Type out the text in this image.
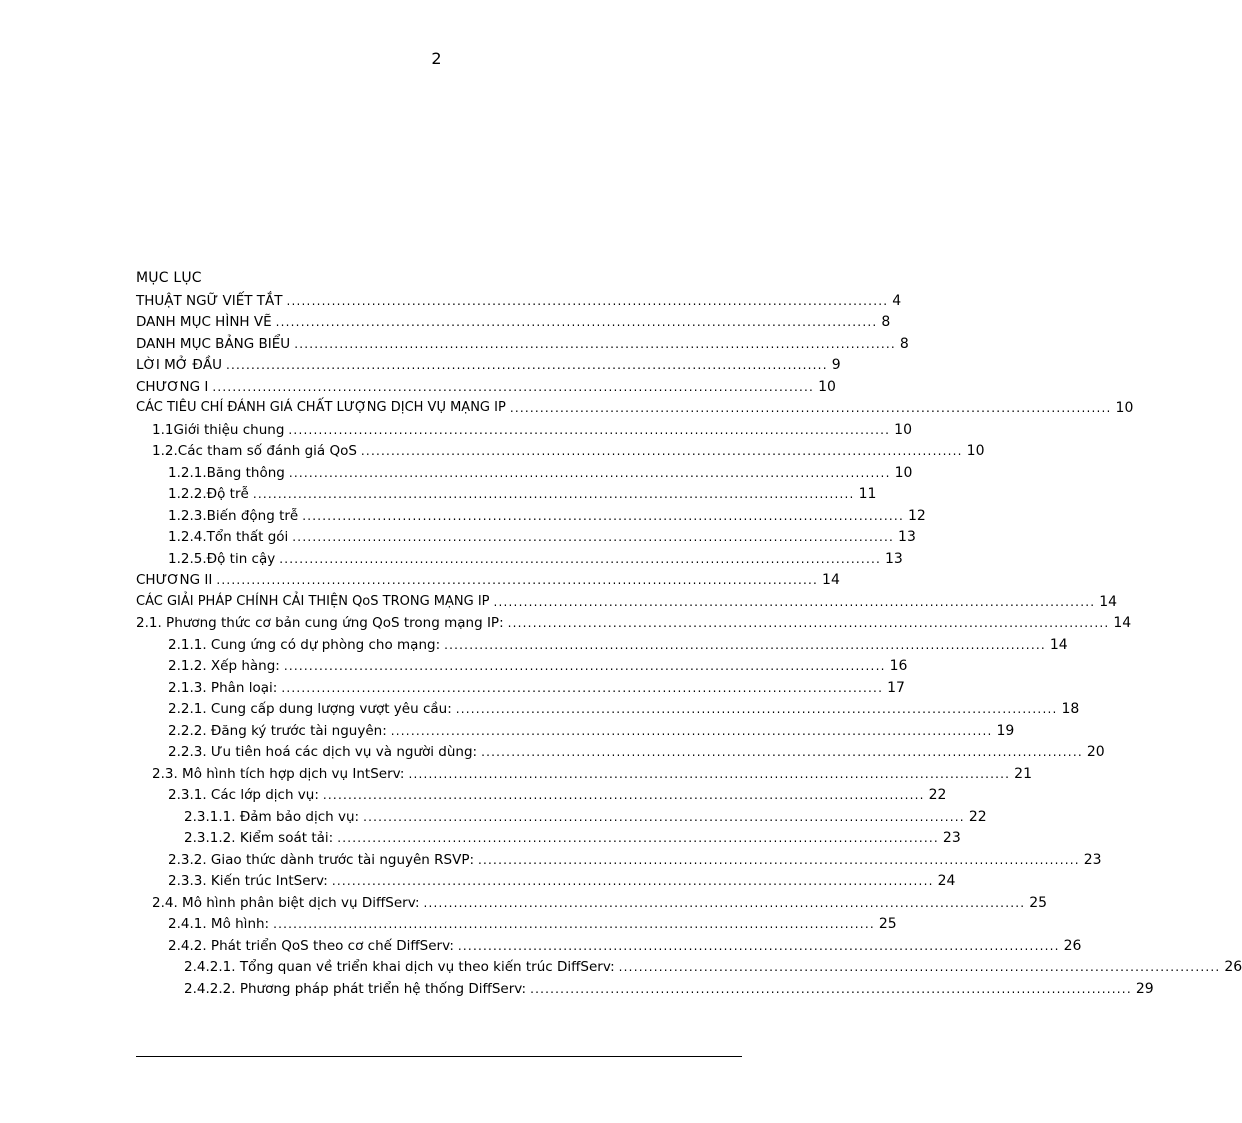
2
MỤC LỤC
THUẬT NGỮ VIẾT TẮT ........................................................................................................................ 4
DANH MỤC HÌNH VẼ ........................................................................................................................ 8
DANH MỤC BẢNG BIỂU ........................................................................................................................ 8
LỜI MỞ ĐẦU ........................................................................................................................ 9
CHƯƠNG I ........................................................................................................................ 10
CÁC TIÊU CHÍ ĐÁNH GIÁ CHẤT LƯỢNG DỊCH VỤ MẠNG IP ........................................................................................................................ 10
1.1 Giới thiệu chung ........................................................................................................................ 10
1.2. Các tham số đánh giá QoS ........................................................................................................................ 10
1.2.1. Băng thông ........................................................................................................................ 10
1.2.2. Độ trễ ........................................................................................................................ 11
1.2.3. Biến động trễ ........................................................................................................................ 12
1.2.4. Tổn thất gói ........................................................................................................................ 13
1.2.5. Độ tin cậy ........................................................................................................................ 13
CHƯƠNG II ........................................................................................................................ 14
CÁC GIẢI PHÁP CHÍNH CẢI THIỆN QoS TRONG MẠNG IP ........................................................................................................................ 14
2.1. Phương thức cơ bản cung ứng QoS trong mạng IP: ........................................................................................................................ 14
2.1.1. Cung ứng có dự phòng cho mạng: ........................................................................................................................ 14
2.1.2. Xếp hàng: ........................................................................................................................ 16
2.1.3. Phân loại: ........................................................................................................................ 17
2.2.1. Cung cấp dung lượng vượt yêu cầu: ........................................................................................................................ 18
2.2.2. Đăng ký trước tài nguyên: ........................................................................................................................ 19
2.2.3. Ưu tiên hoá các dịch vụ và người dùng: ........................................................................................................................ 20
2.3. Mô hình tích hợp dịch vụ IntServ: ........................................................................................................................ 21
2.3.1. Các lớp dịch vụ: ........................................................................................................................ 22
2.3.1.1. Đảm bảo dịch vụ: ........................................................................................................................ 22
2.3.1.2. Kiểm soát tải: ........................................................................................................................ 23
2.3.2. Giao thức dành trước tài nguyên RSVP: ........................................................................................................................ 23
2.3.3. Kiến trúc IntServ: ........................................................................................................................ 24
2.4. Mô hình phân biệt dịch vụ DiffServ: ........................................................................................................................ 25
2.4.1. Mô hình: ........................................................................................................................ 25
2.4.2. Phát triển QoS theo cơ chế DiffServ: ........................................................................................................................ 26
2.4.2.1. Tổng quan về triển khai dịch vụ theo kiến trúc DiffServ: ........................................................................................................................ 26
2.4.2.2. Phương pháp phát triển hệ thống DiffServ: ........................................................................................................................ 29
